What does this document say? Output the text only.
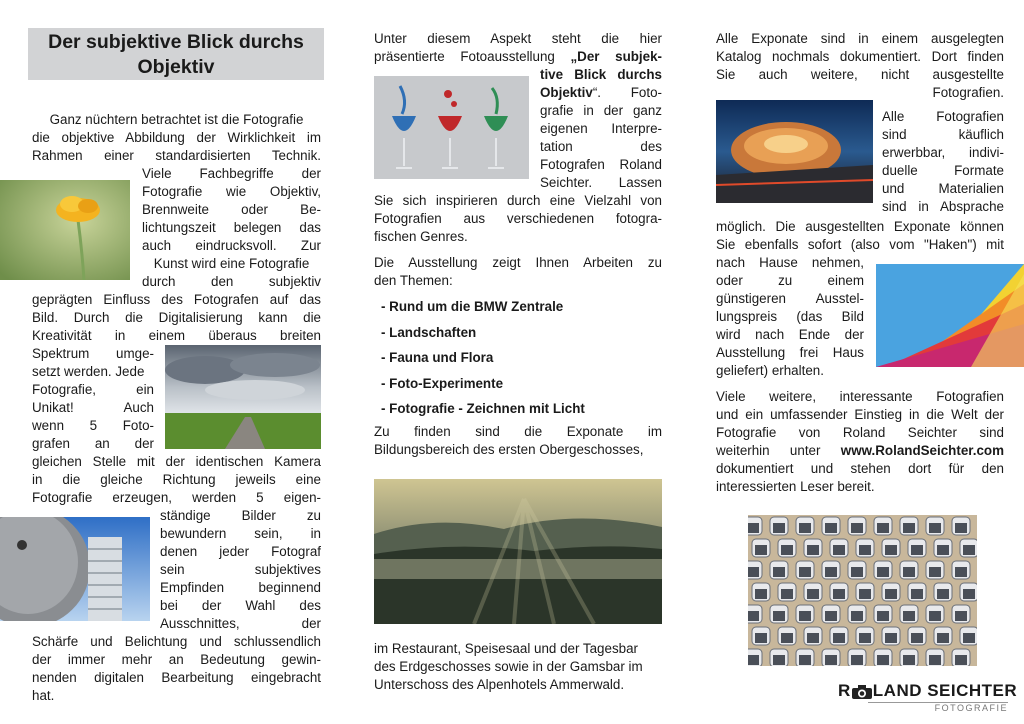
Der subjektive Blick durchs
Objektiv
Ganz nüchtern betrachtet ist die Fotografie
die objektive Abbildung der Wirklichkeit im
Rahmen einer standardisierten Technik.
Viele Fachbegriffe der
Fotografie wie Objektiv,
Brennweite oder Be-
lichtungszeit belegen das
auch eindrucksvoll. Zur
Kunst wird eine Fotografie
durch den subjektiv
geprägten Einfluss des Fotografen auf das
Bild. Durch die Digitalisierung kann die
Kreativität in einem überaus breiten
Spektrum umge-
setzt werden. Jede
Fotografie, ein
Unikat! Auch
wenn 5 Foto-
grafen an der
gleichen Stelle mit der identischen Kamera
in die gleiche Richtung jeweils eine
Fotografie erzeugen, werden 5 eigen-
ständige Bilder zu
bewundern sein, in
denen jeder Fotograf
sein subjektives
Empfinden beginnend
bei der Wahl des
Ausschnittes, der
Schärfe und Belichtung und schlussendlich
der immer mehr an Bedeutung gewin-
nenden digitalen Bearbeitung eingebracht
hat.
Unter diesem Aspekt steht die hier
präsentierte Fotoausstellung „Der subjek-
tive Blick durchs
Objektiv“. Foto-
grafie in der ganz
eigenen Interpre-
tation des
Fotografen Roland
Seichter. Lassen
Sie sich inspirieren durch eine Vielzahl von
Fotografien aus verschiedenen fotogra-
fischen Genres.
Die Ausstellung zeigt Ihnen Arbeiten zu
den Themen:
- Rund um die BMW Zentrale
- Landschaften
- Fauna und Flora
- Foto-Experimente
- Fotografie - Zeichnen mit Licht
Zu finden sind die Exponate im
Bildungsbereich des ersten Obergeschosses,
im Restaurant, Speisesaal und der Tagesbar
des Erdgeschosses sowie in der Gamsbar im
Unterschoss des Alpenhotels Ammerwald.
Alle Exponate sind in einem ausgelegten
Katalog nochmals dokumentiert. Dort finden
Sie auch weitere, nicht ausgestellte
Fotografien.
Alle Fotografien
sind käuflich
erwerbbar, indivi-
duelle Formate
und Materialien
sind in Absprache
möglich. Die ausgestellten Exponate können
Sie ebenfalls sofort (also vom "Haken") mit
nach Hause nehmen,
oder zu einem
günstigeren Ausstel-
lungspreis (das Bild
wird nach Ende der
Ausstellung frei Haus
geliefert) erhalten.
Viele weitere, interessante Fotografien
und ein umfassender Einstieg in die Welt der
Fotografie von Roland Seichter sind
weiterhin unter www.RolandSeichter.com
dokumentiert und stehen dort für den
interessierten Leser bereit.
R LAND SEICHTER
FOTOGRAFIE
